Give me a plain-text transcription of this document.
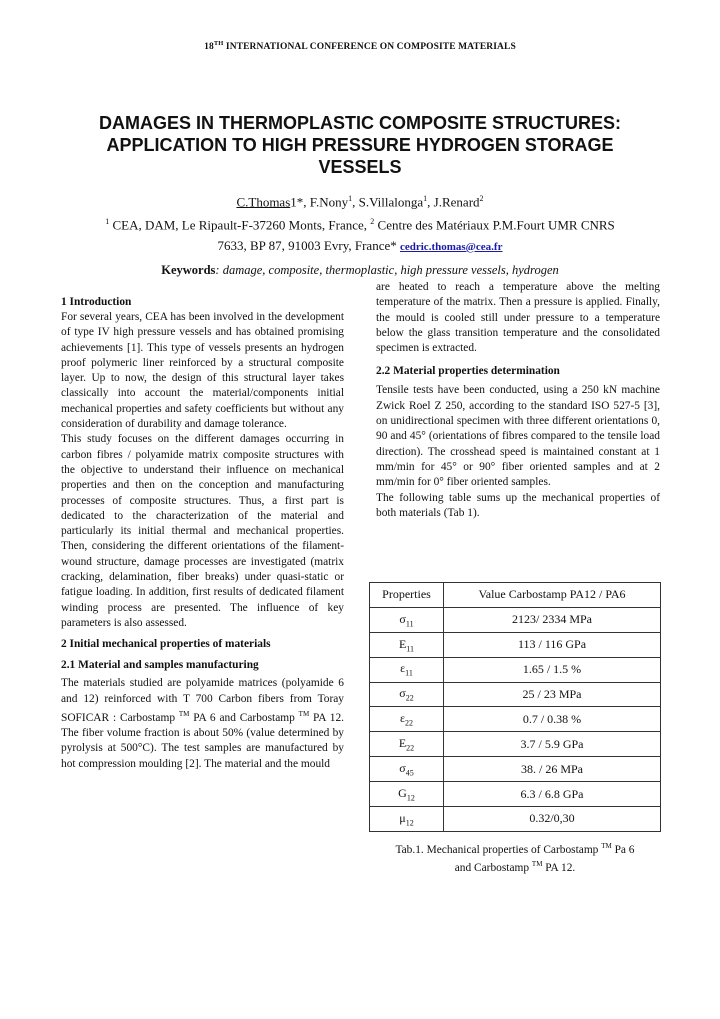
18TH INTERNATIONAL CONFERENCE ON COMPOSITE MATERIALS
DAMAGES IN THERMOPLASTIC COMPOSITE STRUCTURES:
APPLICATION TO HIGH PRESSURE HYDROGEN STORAGE
VESSELS
C.Thomas1*, F.Nony$^1$, S.Villalonga$^1$, J.Renard$^2$
$^1$ CEA, DAM, Le Ripault-F-37260 Monts, France, $^2$ Centre des Matériaux P.M.Fourt UMR CNRS
7633, BP 87, 91003 Evry, France* cedric.thomas@cea.fr
Keywords: damage, composite, thermoplastic, high pressure vessels, hydrogen
1 Introduction

For several years, CEA has been involved in the development of type IV high pressure vessels and has obtained promising achievements [1]. This type of vessels presents an hydrogen proof polymeric liner reinforced by a structural composite layer. Up to now, the design of this structural layer takes classically into account the material/components initial mechanical properties and safety coefficients but without any consideration of durability and damage tolerance.

This study focuses on the different damages occurring in carbon fibres / polyamide matrix composite structures with the objective to understand their influence on mechanical properties and then on the conception and manufacturing processes of composite structures. Thus, a first part is dedicated to the characterization of the material and particularly its initial thermal and mechanical properties. Then, considering the different orientations of the filament-wound structure, damage processes are investigated (matrix cracking, delamination, fiber breaks) under quasi-static or fatigue loading. In addition, first results of dedicated filament winding process are presented. The influence of key parameters is also assessed.

2 Initial mechanical properties of materials
2.1 Material and samples manufacturing

The materials studied are polyamide matrices (polyamide 6 and 12) reinforced with T 700 Carbon fibers from Toray SOFICAR : Carbostamp ™ PA 6 and Carbostamp ™ PA 12. The fiber volume fraction is about 50% (value determined by pyrolysis at 500°C). The test samples are manufactured by hot compression moulding [2]. The material and the mould

are heated to reach a temperature above the melting temperature of the matrix. Then a pressure is applied. Finally, the mould is cooled still under pressure to a temperature below the glass transition temperature and the consolidated specimen is extracted.

2.2 Material properties determination

Tensile tests have been conducted, using a 250 kN machine Zwick Roel Z 250, according to the standard ISO 527-5 [3], on unidirectional specimen with three different orientations 0, 90 and 45° (orientations of fibres compared to the tensile load direction). The crosshead speed is maintained constant at 1 mm/min for 45° or 90° fiber oriented samples and at 2 mm/min for 0° fiber oriented samples.

The following table sums up the mechanical properties of both materials (Tab 1).

Properties	Value Carbostamp PA12 / PA6
$\sigma_{11}$	2123/ 2334 MPa
$E_{11}$	113 / 116 GPa
$\varepsilon_{11}$	1.65 / 1.5 %
$\sigma_{22}$	25 / 23 MPa
$\varepsilon_{22}$	0.7 / 0.38 %
$E_{22}$	3.7 / 5.9 GPa
$\sigma_{45}$	38. / 26 MPa
$G_{12}$	6.3 / 6.8 GPa
$\mu_{12}$	0.32/0,30
Tab.1. Mechanical properties of Carbostamp ™ Pa 6
and Carbostamp ™ PA 12.
